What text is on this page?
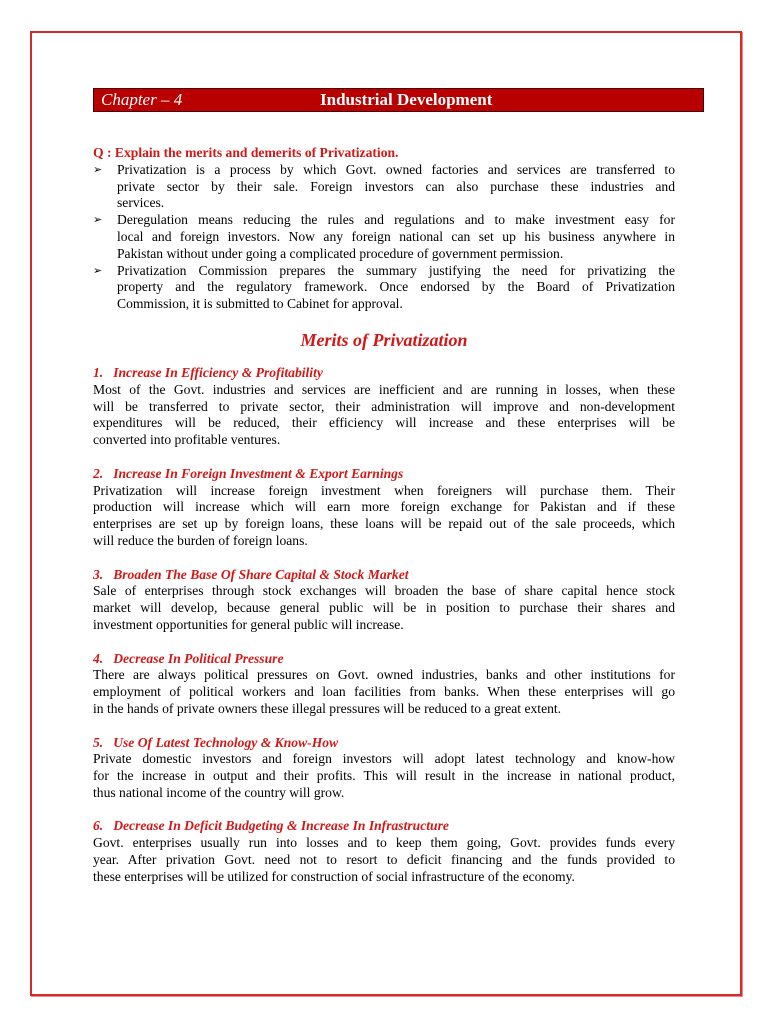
Chapter – 4	Industrial Development
Q : Explain the merits and demerits of Privatization.
➢ Privatization is a process by which Govt. owned factories and services are transferred to
private sector by their sale. Foreign investors can also purchase these industries and
services.
➢ Deregulation means reducing the rules and regulations and to make investment easy for
local and foreign investors. Now any foreign national can set up his business anywhere in
Pakistan without under going a complicated procedure of government permission.
➢ Privatization Commission prepares the summary justifying the need for privatizing the
property and the regulatory framework. Once endorsed by the Board of Privatization
Commission, it is submitted to Cabinet for approval.
Merits of Privatization
1. Increase In Efficiency & Profitability
Most of the Govt. industries and services are inefficient and are running in losses, when these
will be transferred to private sector, their administration will improve and non-development
expenditures will be reduced, their efficiency will increase and these enterprises will be
converted into profitable ventures.
2. Increase In Foreign Investment & Export Earnings
Privatization will increase foreign investment when foreigners will purchase them. Their
production will increase which will earn more foreign exchange for Pakistan and if these
enterprises are set up by foreign loans, these loans will be repaid out of the sale proceeds, which
will reduce the burden of foreign loans.
3. Broaden The Base Of Share Capital & Stock Market
Sale of enterprises through stock exchanges will broaden the base of share capital hence stock
market will develop, because general public will be in position to purchase their shares and
investment opportunities for general public will increase.
4. Decrease In Political Pressure
There are always political pressures on Govt. owned industries, banks and other institutions for
employment of political workers and loan facilities from banks. When these enterprises will go
in the hands of private owners these illegal pressures will be reduced to a great extent.
5. Use Of Latest Technology & Know-How
Private domestic investors and foreign investors will adopt latest technology and know-how
for the increase in output and their profits. This will result in the increase in national product,
thus national income of the country will grow.
6. Decrease In Deficit Budgeting & Increase In Infrastructure
Govt. enterprises usually run into losses and to keep them going, Govt. provides funds every
year. After privation Govt. need not to resort to deficit financing and the funds provided to
these enterprises will be utilized for construction of social infrastructure of the economy.
